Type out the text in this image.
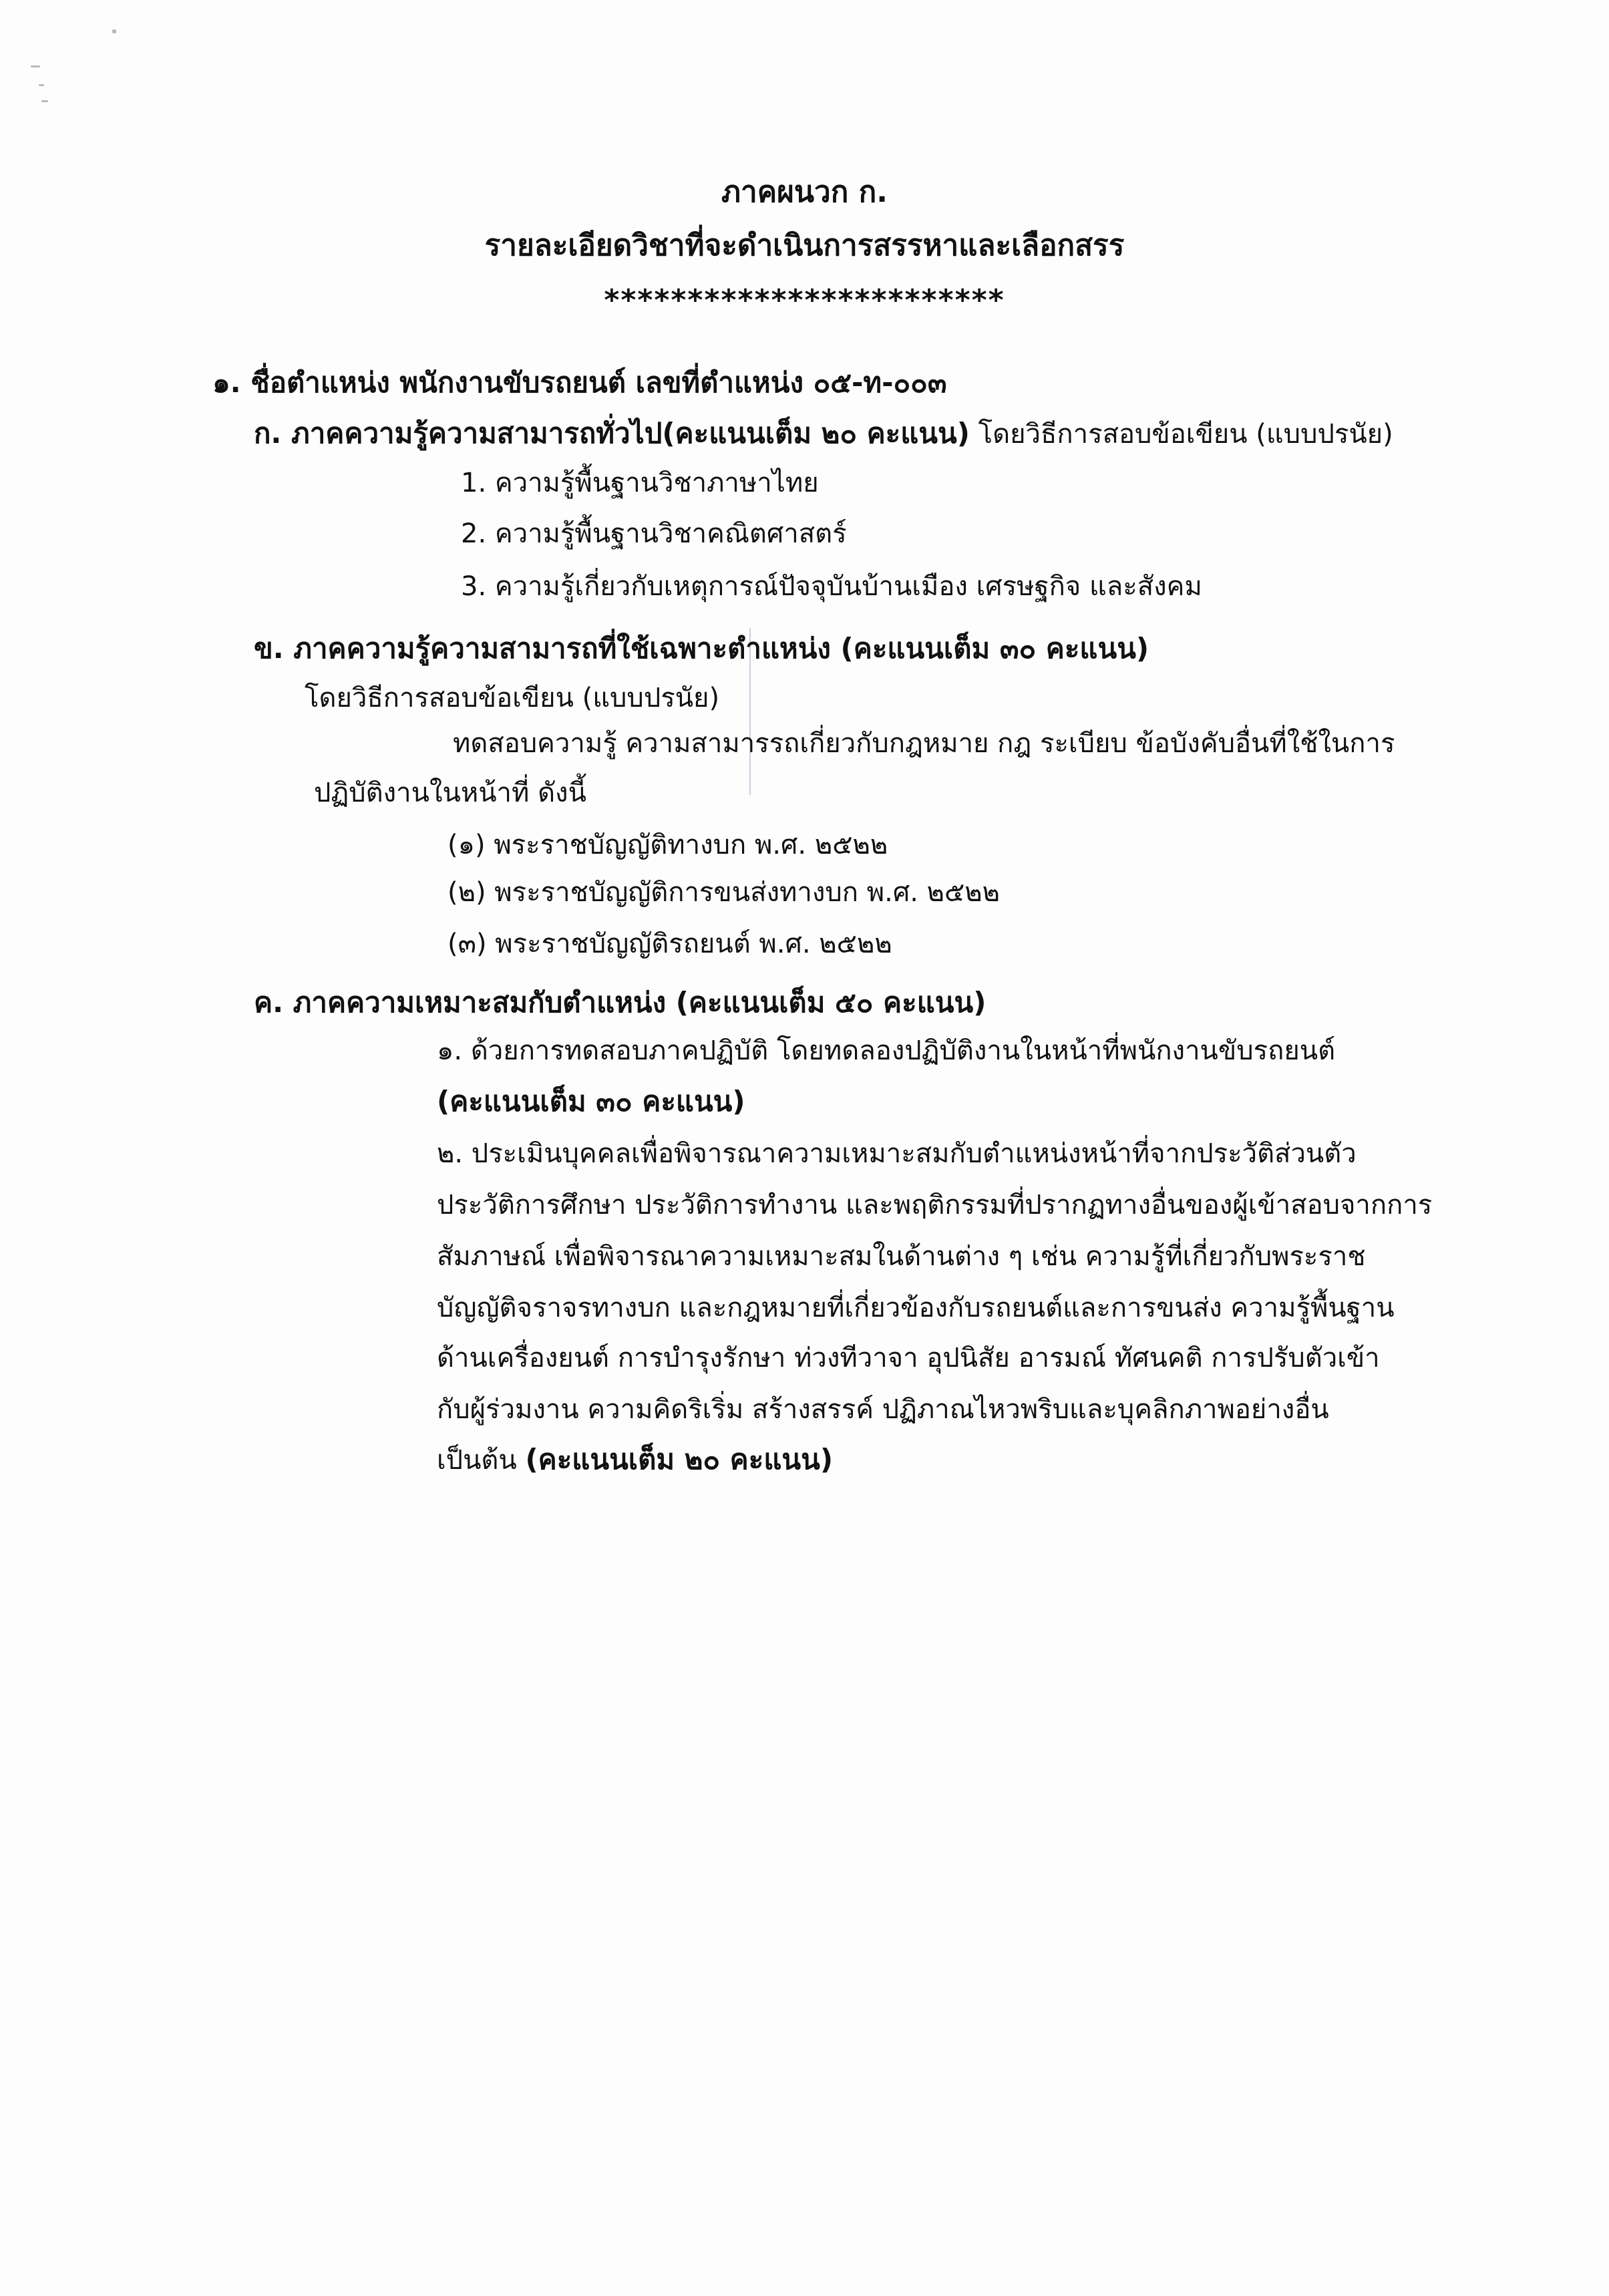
ภาคผนวก ก.
รายละเอียดวิชาที่จะดำเนินการสรรหาและเลือกสรร
************************
๑. ชื่อตำแหน่ง พนักงานขับรถยนต์ เลขที่ตำแหน่ง ๐๕-ท-๐๐๓
ก. ภาคความรู้ความสามารถทั่วไป(คะแนนเต็ม ๒๐ คะแนน) โดยวิธีการสอบข้อเขียน (แบบปรนัย)
1. ความรู้พื้นฐานวิชาภาษาไทย
2. ความรู้พื้นฐานวิชาคณิตศาสตร์
3. ความรู้เกี่ยวกับเหตุการณ์ปัจจุบันบ้านเมือง เศรษฐกิจ และสังคม
ข. ภาคความรู้ความสามารถที่ใช้เฉพาะตำแหน่ง (คะแนนเต็ม ๓๐ คะแนน)
โดยวิธีการสอบข้อเขียน (แบบปรนัย)
ทดสอบความรู้ ความสามารรถเกี่ยวกับกฎหมาย กฎ ระเบียบ ข้อบังคับอื่นที่ใช้ในการ
ปฏิบัติงานในหน้าที่ ดังนี้
(๑) พระราชบัญญัติทางบก พ.ศ. ๒๕๒๒
(๒) พระราชบัญญัติการขนส่งทางบก พ.ศ. ๒๕๒๒
(๓) พระราชบัญญัติรถยนต์ พ.ศ. ๒๕๒๒
ค. ภาคความเหมาะสมกับตำแหน่ง (คะแนนเต็ม ๕๐ คะแนน)
๑. ด้วยการทดสอบภาคปฏิบัติ โดยทดลองปฏิบัติงานในหน้าที่พนักงานขับรถยนต์
(คะแนนเต็ม ๓๐ คะแนน)
๒. ประเมินบุคคลเพื่อพิจารณาความเหมาะสมกับตำแหน่งหน้าที่จากประวัติส่วนตัว
ประวัติการศึกษา ประวัติการทำงาน และพฤติกรรมที่ปรากฏทางอื่นของผู้เข้าสอบจากการ
สัมภาษณ์ เพื่อพิจารณาความเหมาะสมในด้านต่าง ๆ เช่น ความรู้ที่เกี่ยวกับพระราช
บัญญัติจราจรทางบก และกฎหมายที่เกี่ยวข้องกับรถยนต์และการขนส่ง ความรู้พื้นฐาน
ด้านเครื่องยนต์ การบำรุงรักษา ท่วงทีวาจา อุปนิสัย อารมณ์ ทัศนคติ การปรับตัวเข้า
กับผู้ร่วมงาน ความคิดริเริ่ม สร้างสรรค์ ปฏิภาณไหวพริบและบุคลิกภาพอย่างอื่น
เป็นต้น (คะแนนเต็ม ๒๐ คะแนน)
